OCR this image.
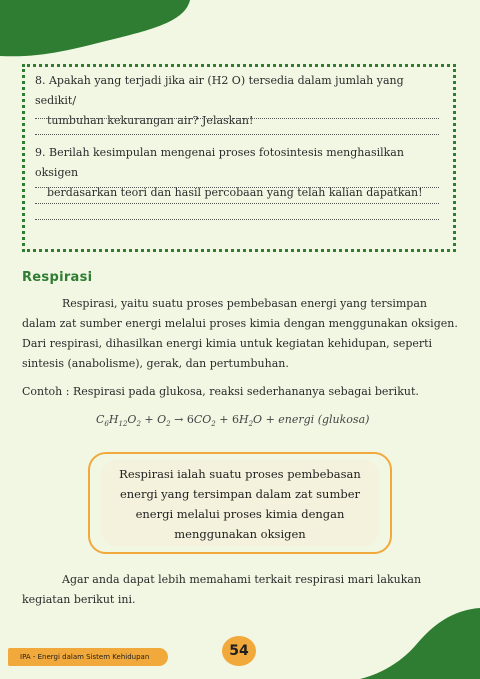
8. Apakah yang terjadi jika air (H2 O) tersedia dalam jumlah yang sedikit/
tumbuhan kekurangan air? Jelaskan!
9. Berilah kesimpulan mengenai proses fotosintesis menghasilkan oksigen
berdasarkan teori dan hasil percobaan yang telah kalian dapatkan!
Respirasi
Respirasi, yaitu suatu proses pembebasan energi yang tersimpan dalam zat sumber energi melalui proses kimia dengan menggunakan oksigen. Dari respirasi, dihasilkan energi kimia untuk kegiatan kehidupan, seperti sintesis (anabolisme), gerak, dan pertumbuhan.
Contoh : Respirasi pada glukosa, reaksi sederhananya sebagai berikut.
$C_6H_{12}O_2 + O_2 \to 6CO_2 + 6H_2O$ + energi (glukosa)
Respirasi ialah suatu proses pembebasan energi yang tersimpan dalam zat sumber energi melalui proses kimia dengan menggunakan oksigen
Agar anda dapat lebih memahami terkait respirasi mari lakukan kegiatan berikut ini.
IPA - Energi dalam Sistem Kehidupan	54
